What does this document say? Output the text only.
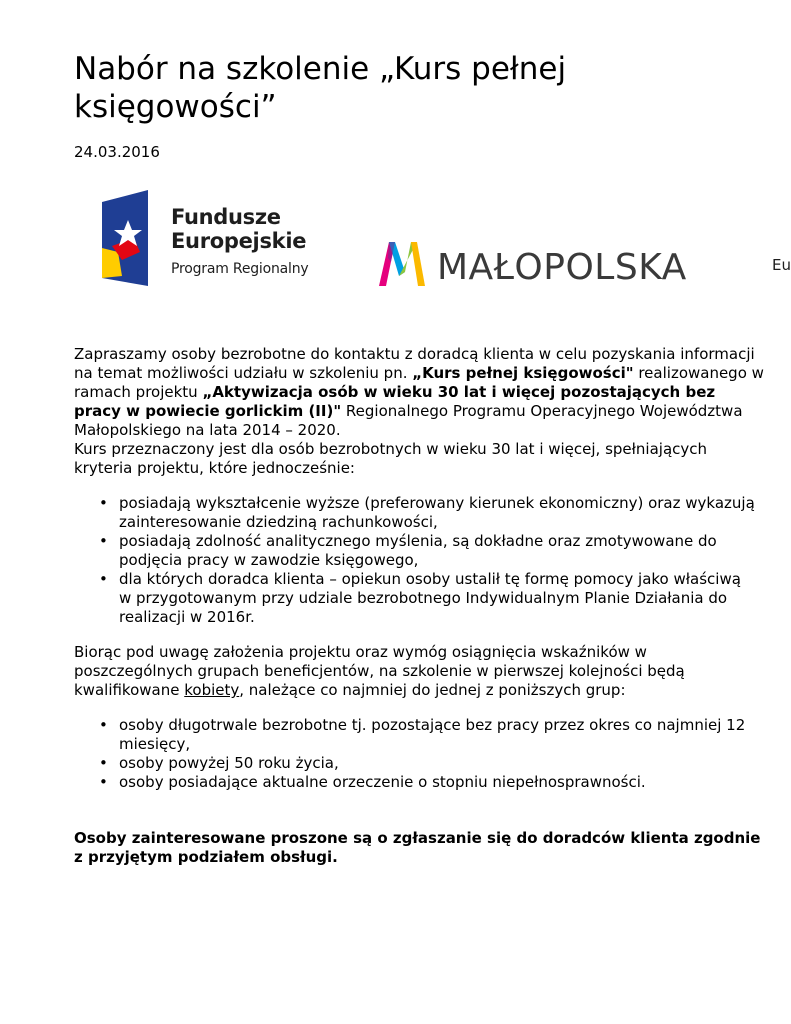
Nabór na szkolenie „Kurs pełnej księgowości”
24.03.2016
Fundusze
Europejskie
Program Regionalny	MAŁOPOLSKA	Eu

Zapraszamy osoby bezrobotne do kontaktu z doradcą klienta w celu pozyskania informacji na temat możliwości udziału w szkoleniu pn. „Kurs pełnej księgowości" realizowanego w ramach projektu „Aktywizacja osób w wieku 30 lat i więcej pozostających bez pracy w powiecie gorlickim (II)" Regionalnego Programu Operacyjnego Województwa Małopolskiego na lata 2014 – 2020.
Kurs przeznaczony jest dla osób bezrobotnych w wieku 30 lat i więcej, spełniających kryteria projektu, które jednocześnie:

• posiadają wykształcenie wyższe (preferowany kierunek ekonomiczny) oraz wykazują zainteresowanie dziedziną rachunkowości,
• posiadają zdolność analitycznego myślenia, są dokładne oraz zmotywowane do podjęcia pracy w zawodzie księgowego,
• dla których doradca klienta – opiekun osoby ustalił tę formę pomocy jako właściwą
w przygotowanym przy udziale bezrobotnego Indywidualnym Planie Działania do realizacji w 2016r.

Biorąc pod uwagę założenia projektu oraz wymóg osiągnięcia wskaźników w poszczególnych grupach beneficjentów, na szkolenie w pierwszej kolejności będą kwalifikowane kobiety, należące co najmniej do jednej z poniższych grup:

• osoby długotrwale bezrobotne tj. pozostające bez pracy przez okres co najmniej 12 miesięcy,
• osoby powyżej 50 roku życia,
• osoby posiadające aktualne orzeczenie o stopniu niepełnosprawności.

Osoby zainteresowane proszone są o zgłaszanie się do doradców klienta zgodnie z przyjętym podziałem obsługi.
